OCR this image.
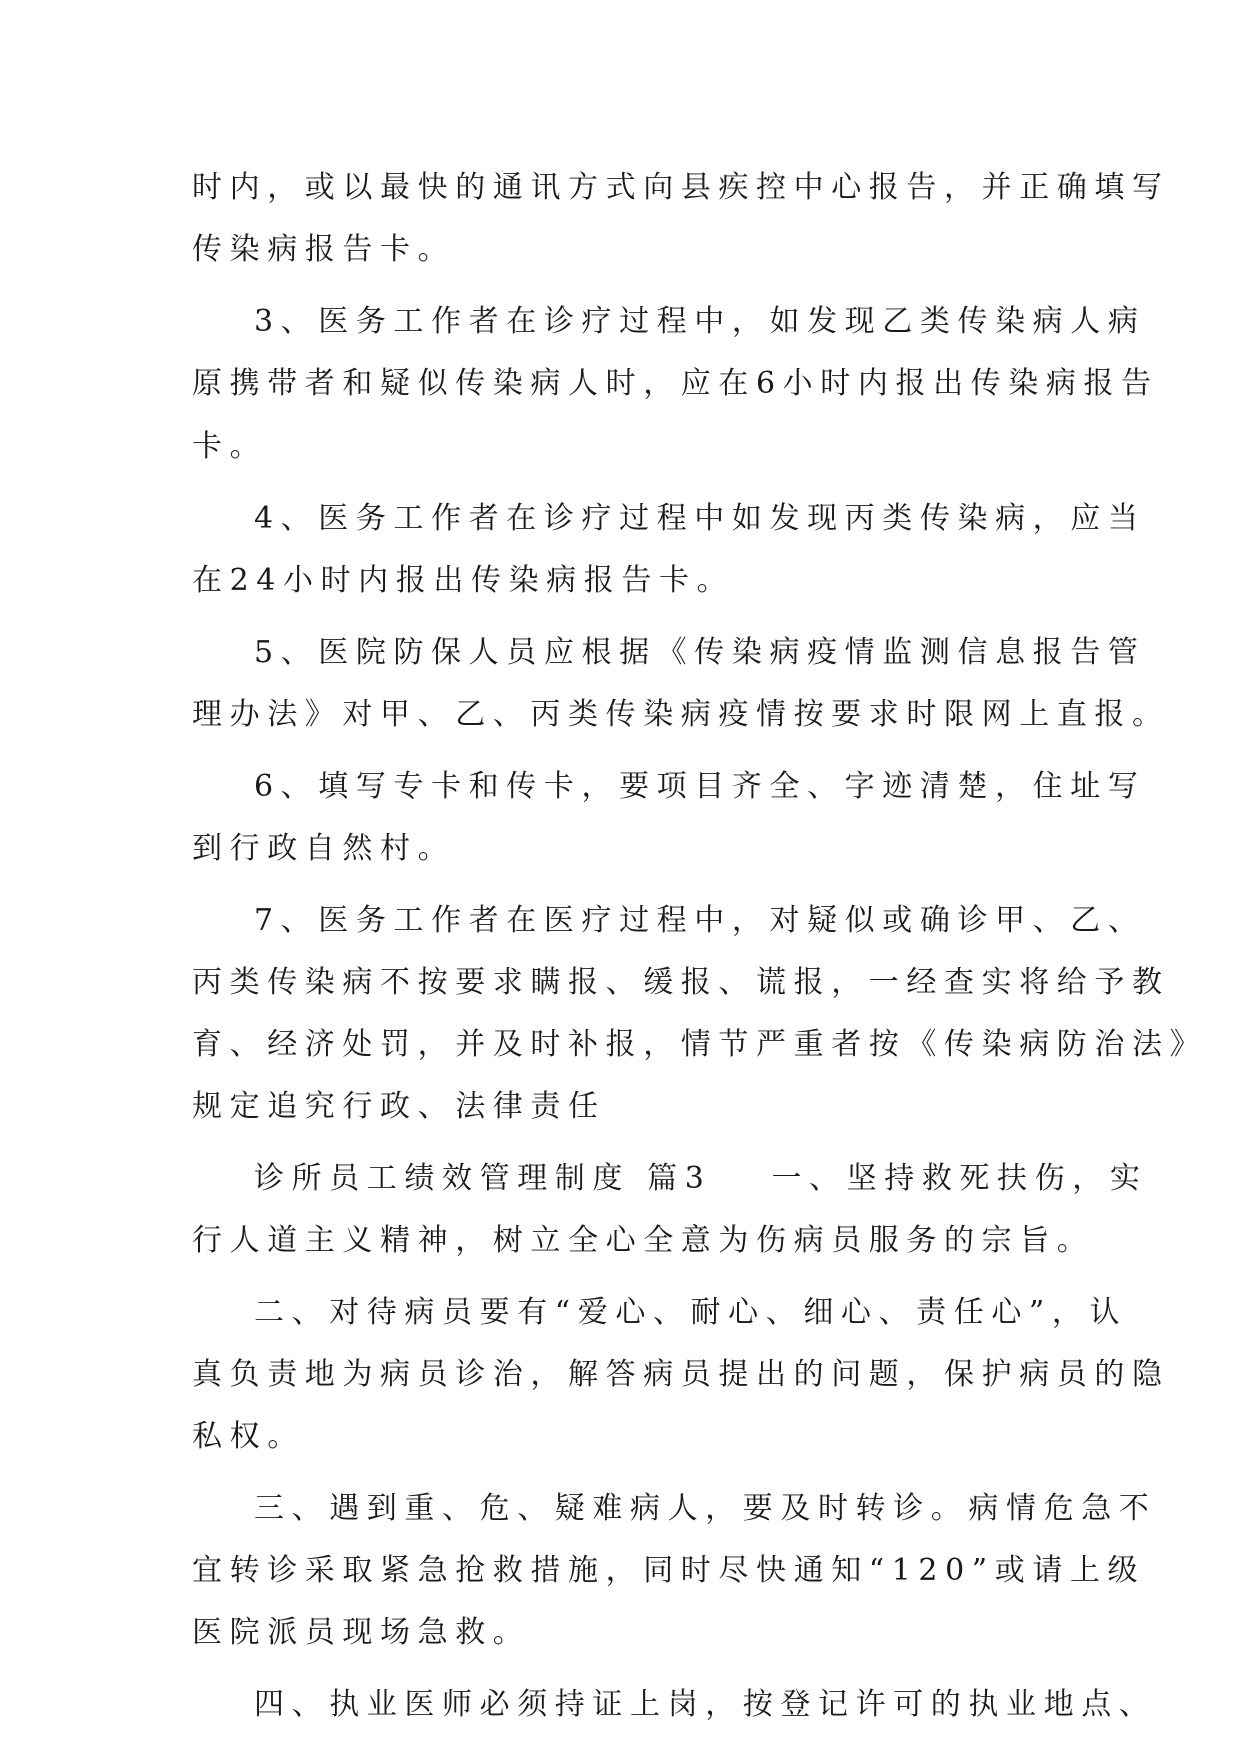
时内，或以最快的通讯方式向县疾控中心报告，并正确填写
传染病报告卡。
3、医务工作者在诊疗过程中，如发现乙类传染病人病
原携带者和疑似传染病人时，应在6小时内报出传染病报告
卡。
4、医务工作者在诊疗过程中如发现丙类传染病，应当
在24小时内报出传染病报告卡。
5、医院防保人员应根据《传染病疫情监测信息报告管
理办法》对甲、乙、丙类传染病疫情按要求时限网上直报。
6、填写专卡和传卡，要项目齐全、字迹清楚，住址写
到行政自然村。
7、医务工作者在医疗过程中，对疑似或确诊甲、乙、
丙类传染病不按要求瞒报、缓报、谎报，一经查实将给予教
育、经济处罚，并及时补报，情节严重者按《传染病防治法》
规定追究行政、法律责任
诊所员工绩效管理制度 篇3 一、坚持救死扶伤，实
行人道主义精神，树立全心全意为伤病员服务的宗旨。
二、对待病员要有“爱心、耐心、细心、责任心”，认
真负责地为病员诊治，解答病员提出的问题，保护病员的隐
私权。
三、遇到重、危、疑难病人，要及时转诊。病情危急不
宜转诊采取紧急抢救措施，同时尽快通知“120”或请上级
医院派员现场急救。
四、执业医师必须持证上岗，按登记许可的执业地点、
